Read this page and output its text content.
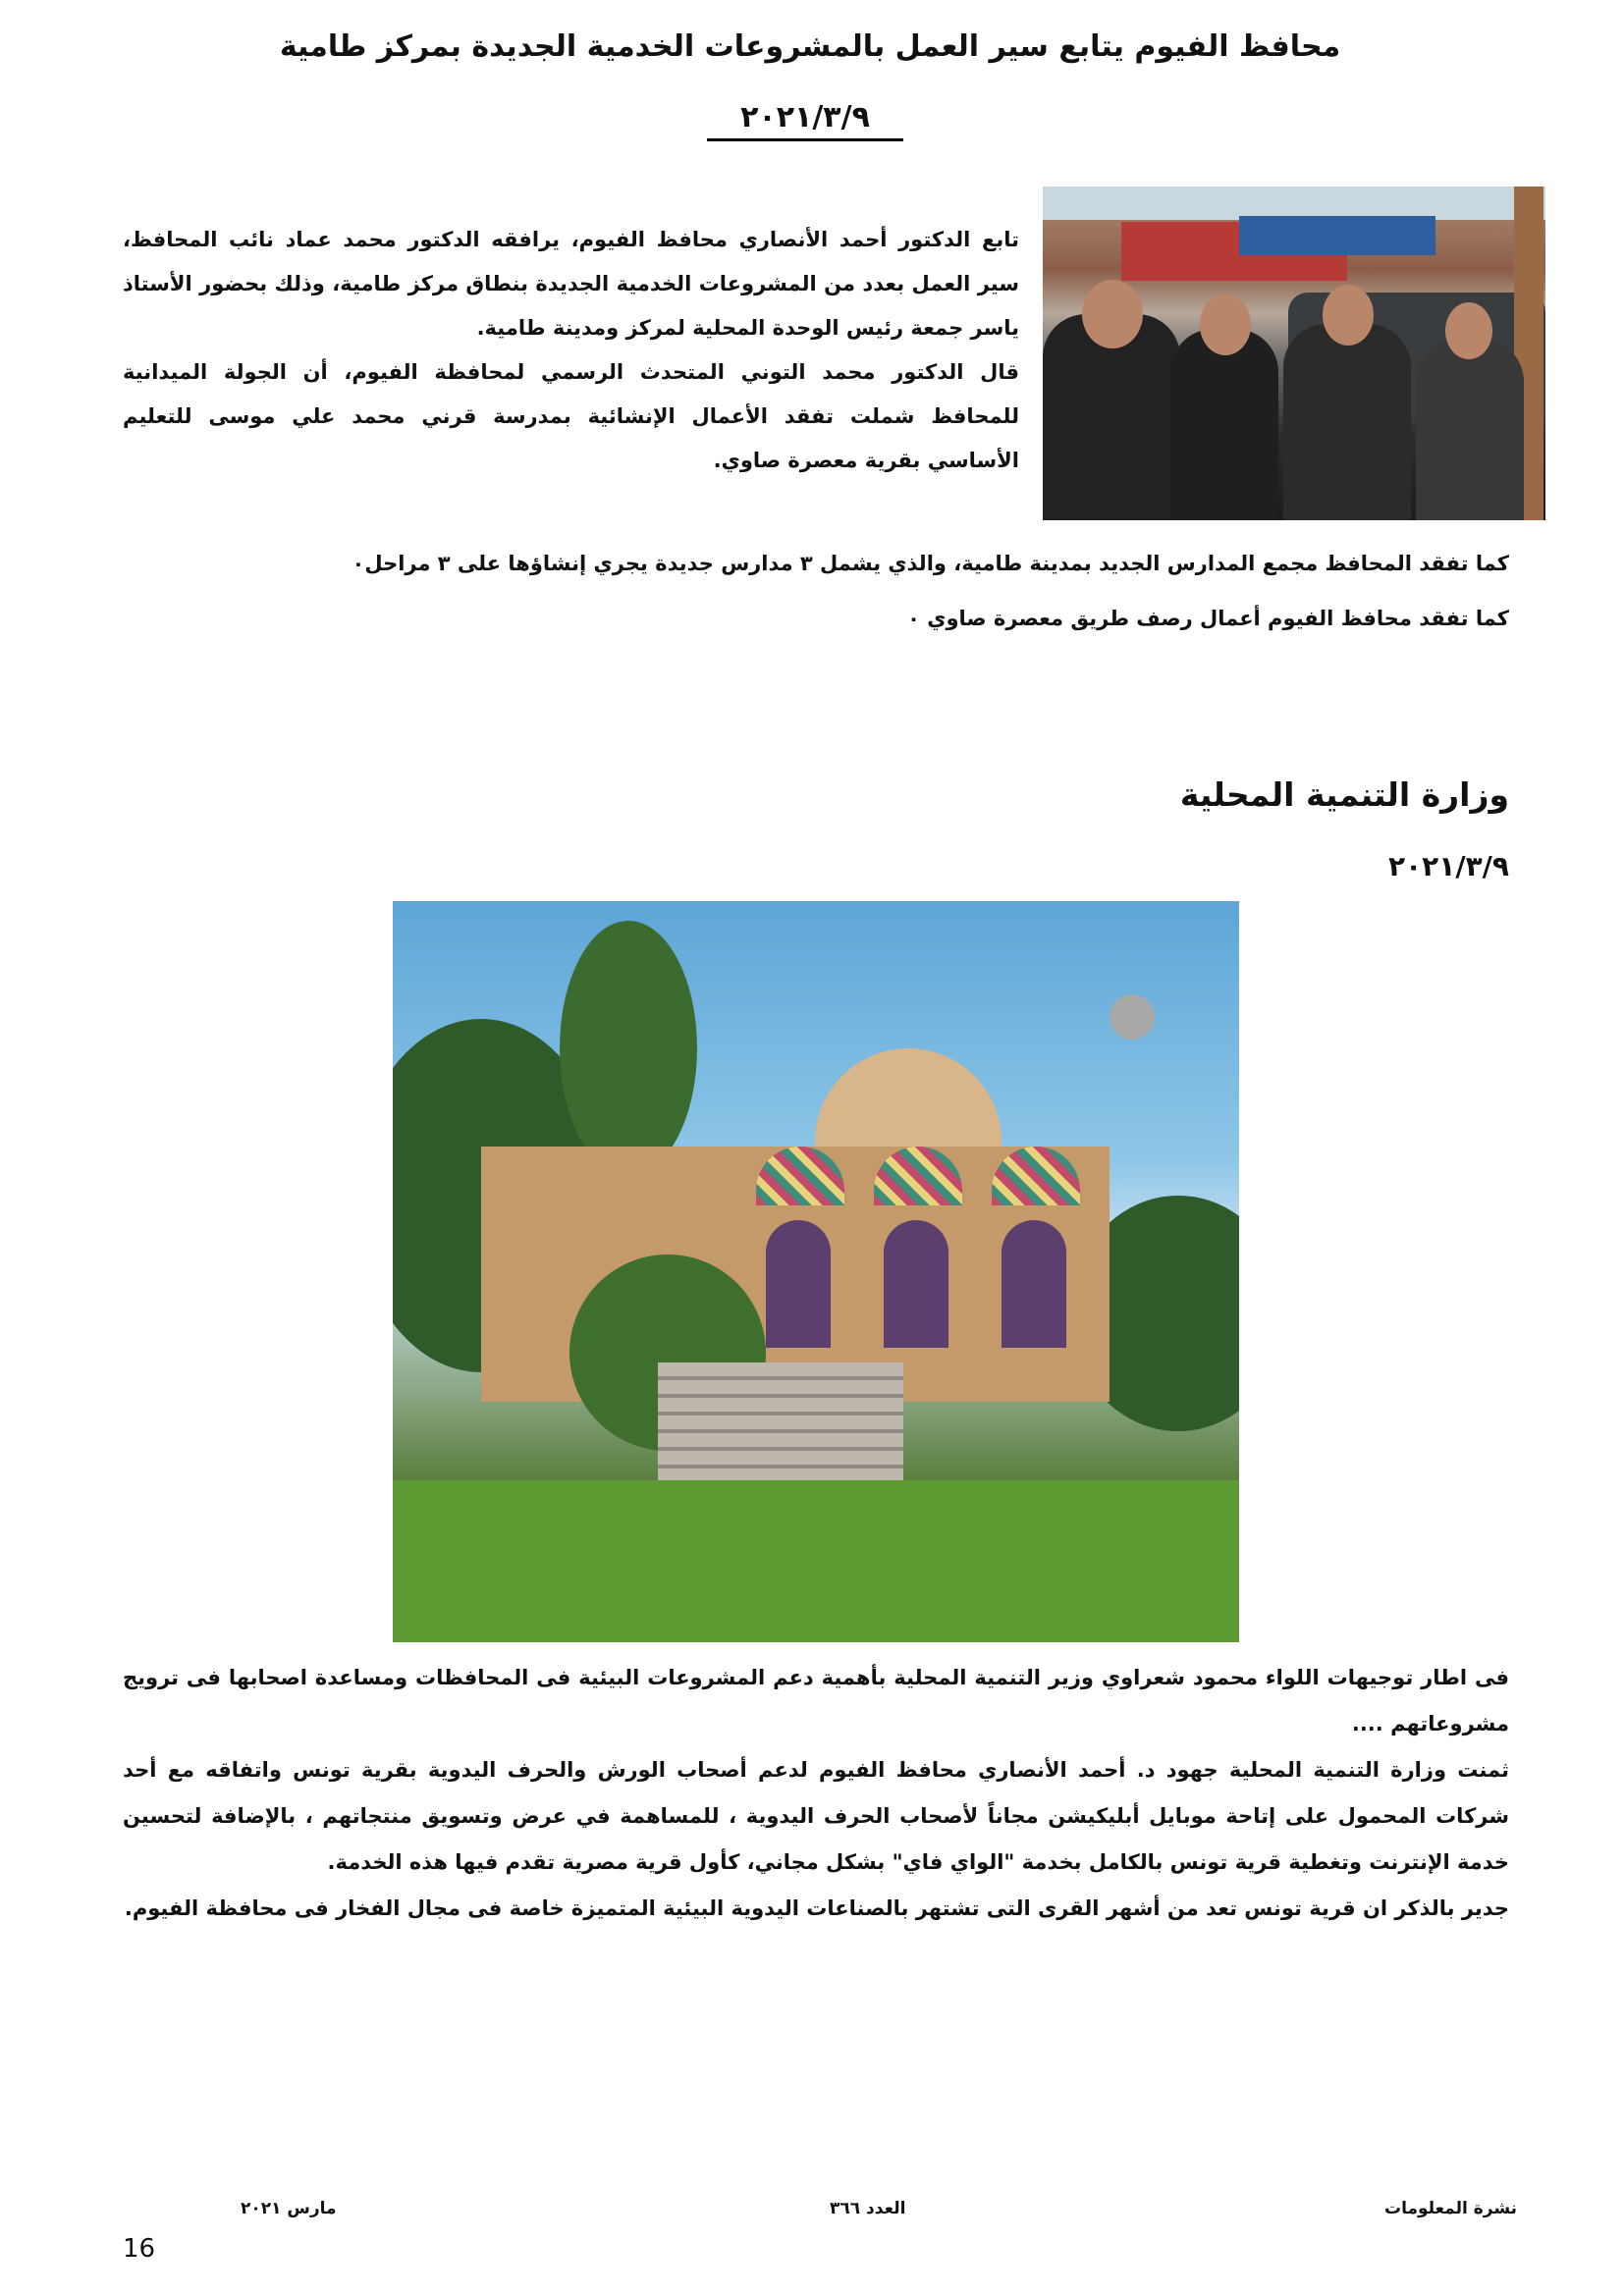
محافظ الفيوم يتابع سير العمل بالمشروعات الخدمية الجديدة بمركز طامية
٢٠٢١/٣/٩

تابع الدكتور أحمد الأنصاري محافظ الفيوم، يرافقه الدكتور محمد عماد نائب المحافظ، سير العمل بعدد من المشروعات الخدمية الجديدة بنطاق مركز طامية، وذلك بحضور الأستاذ ياسر جمعة رئيس الوحدة المحلية لمركز ومدينة طامية.

قال الدكتور محمد التوني المتحدث الرسمي لمحافظة الفيوم، أن الجولة الميدانية للمحافظ شملت تفقد الأعمال الإنشائية بمدرسة قرني محمد علي موسى للتعليم الأساسي بقرية معصرة صاوي.

كما تفقد المحافظ مجمع المدارس الجديد بمدينة طامية، والذي يشمل ٣ مدارس جديدة يجري إنشاؤها على ٣ مراحل٠
كما تفقد محافظ الفيوم أعمال رصف طريق معصرة صاوي ٠
وزارة التنمية المحلية
٢٠٢١/٣/٩

فى اطار توجيهات اللواء محمود شعراوي وزير التنمية المحلية بأهمية دعم المشروعات البيئية فى المحافظات ومساعدة اصحابها فى ترويج مشروعاتهم ....

ثمنت وزارة التنمية المحلية جهود د. أحمد الأنصاري محافظ الفيوم لدعم أصحاب الورش والحرف اليدوية بقرية تونس واتفاقه مع أحد شركات المحمول على إتاحة موبايل أبليكيشن مجاناً لأصحاب الحرف اليدوية ، للمساهمة في عرض وتسويق منتجاتهم ، بالإضافة لتحسين خدمة الإنترنت وتغطية قرية تونس بالكامل بخدمة "الواي فاي" بشكل مجاني، كأول قرية مصرية تقدم فيها هذه الخدمة.

جدير بالذكر ان قرية تونس تعد من أشهر القرى التى تشتهر بالصناعات اليدوية البيئية المتميزة خاصة فى مجال الفخار فى محافظة الفيوم.

نشرة المعلومات
العدد ٣٦٦
مارس ٢٠٢١
16
